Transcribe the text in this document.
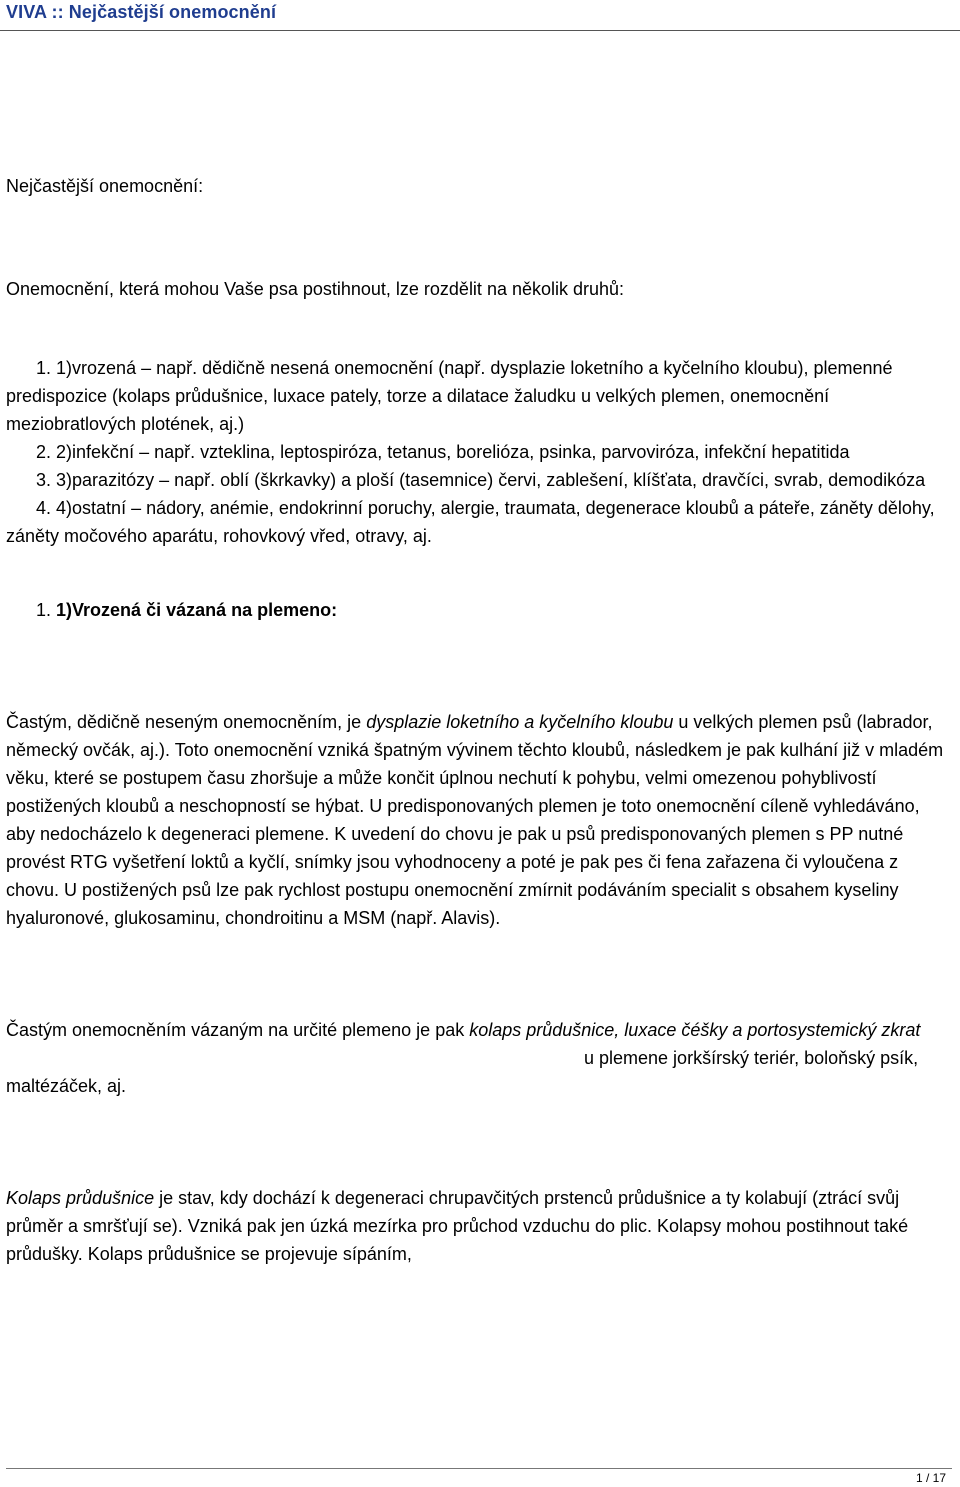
VIVA :: Nejčastější onemocnění

Nejčastější onemocnění:

Onemocnění, která mohou Vaše psa postihnout, lze rozdělit na několik druhů:

1. 1)vrozená – např. dědičně nesená onemocnění (např. dysplazie loketního a kyčelního kloubu), plemenné predispozice (kolaps průdušnice, luxace pately, torze a dilatace žaludku u velkých plemen, onemocnění meziobratlových plotének, aj.)
2. 2)infekční – např. vzteklina, leptospiróza, tetanus, borelióza, psinka, parvoviróza, infekční hepatitida
3. 3)parazitózy – např. oblí (škrkavky) a ploší (tasemnice) červi, zablešení, klíšťata, dravčíci, svrab, demodikóza
4. 4)ostatní – nádory, anémie, endokrinní poruchy, alergie, traumata, degenerace kloubů a páteře, záněty dělohy, záněty močového aparátu, rohovkový vřed, otravy, aj.

1. 1)Vrozená či vázaná na plemeno:

Častým, dědičně neseným onemocněním, je dysplazie loketního a kyčelního kloubu u velkých plemen psů (labrador, německý ovčák, aj.). Toto onemocnění vzniká špatným vývinem těchto kloubů, následkem je pak kulhání již v mladém věku, které se postupem času zhoršuje a může končit úplnou nechutí k pohybu, velmi omezenou pohyblivostí postižených kloubů a neschopností se hýbat. U predisponovaných plemen je toto onemocnění cíleně vyhledáváno, aby nedocházelo k degeneraci plemene. K uvedení do chovu je pak u psů predisponovaných plemen s PP nutné provést RTG vyšetření loktů a kyčlí, snímky jsou vyhodnoceny a poté je pak pes či fena zařazena či vyloučena z chovu. U postižených psů lze pak rychlost postupu onemocnění zmírnit podáváním specialit s obsahem kyseliny hyaluronové, glukosaminu, chondroitinu a MSM (např. Alavis).

Častým onemocněním vázaným na určité plemeno je pak kolaps průdušnice, luxace čéšky a portosystemický zkratu plemene jorkšírský teriér, boloňský psík, maltézáček, aj.

Kolaps průdušnice je stav, kdy dochází k degeneraci chrupavčitých prstenců průdušnice a ty kolabují (ztrácí svůj průměr a smršťují se). Vzniká pak jen úzká mezírka pro průchod vzduchu do plic. Kolapsy mohou postihnout také průdušky. Kolaps průdušnice se projevuje sípáním,

1 / 17
